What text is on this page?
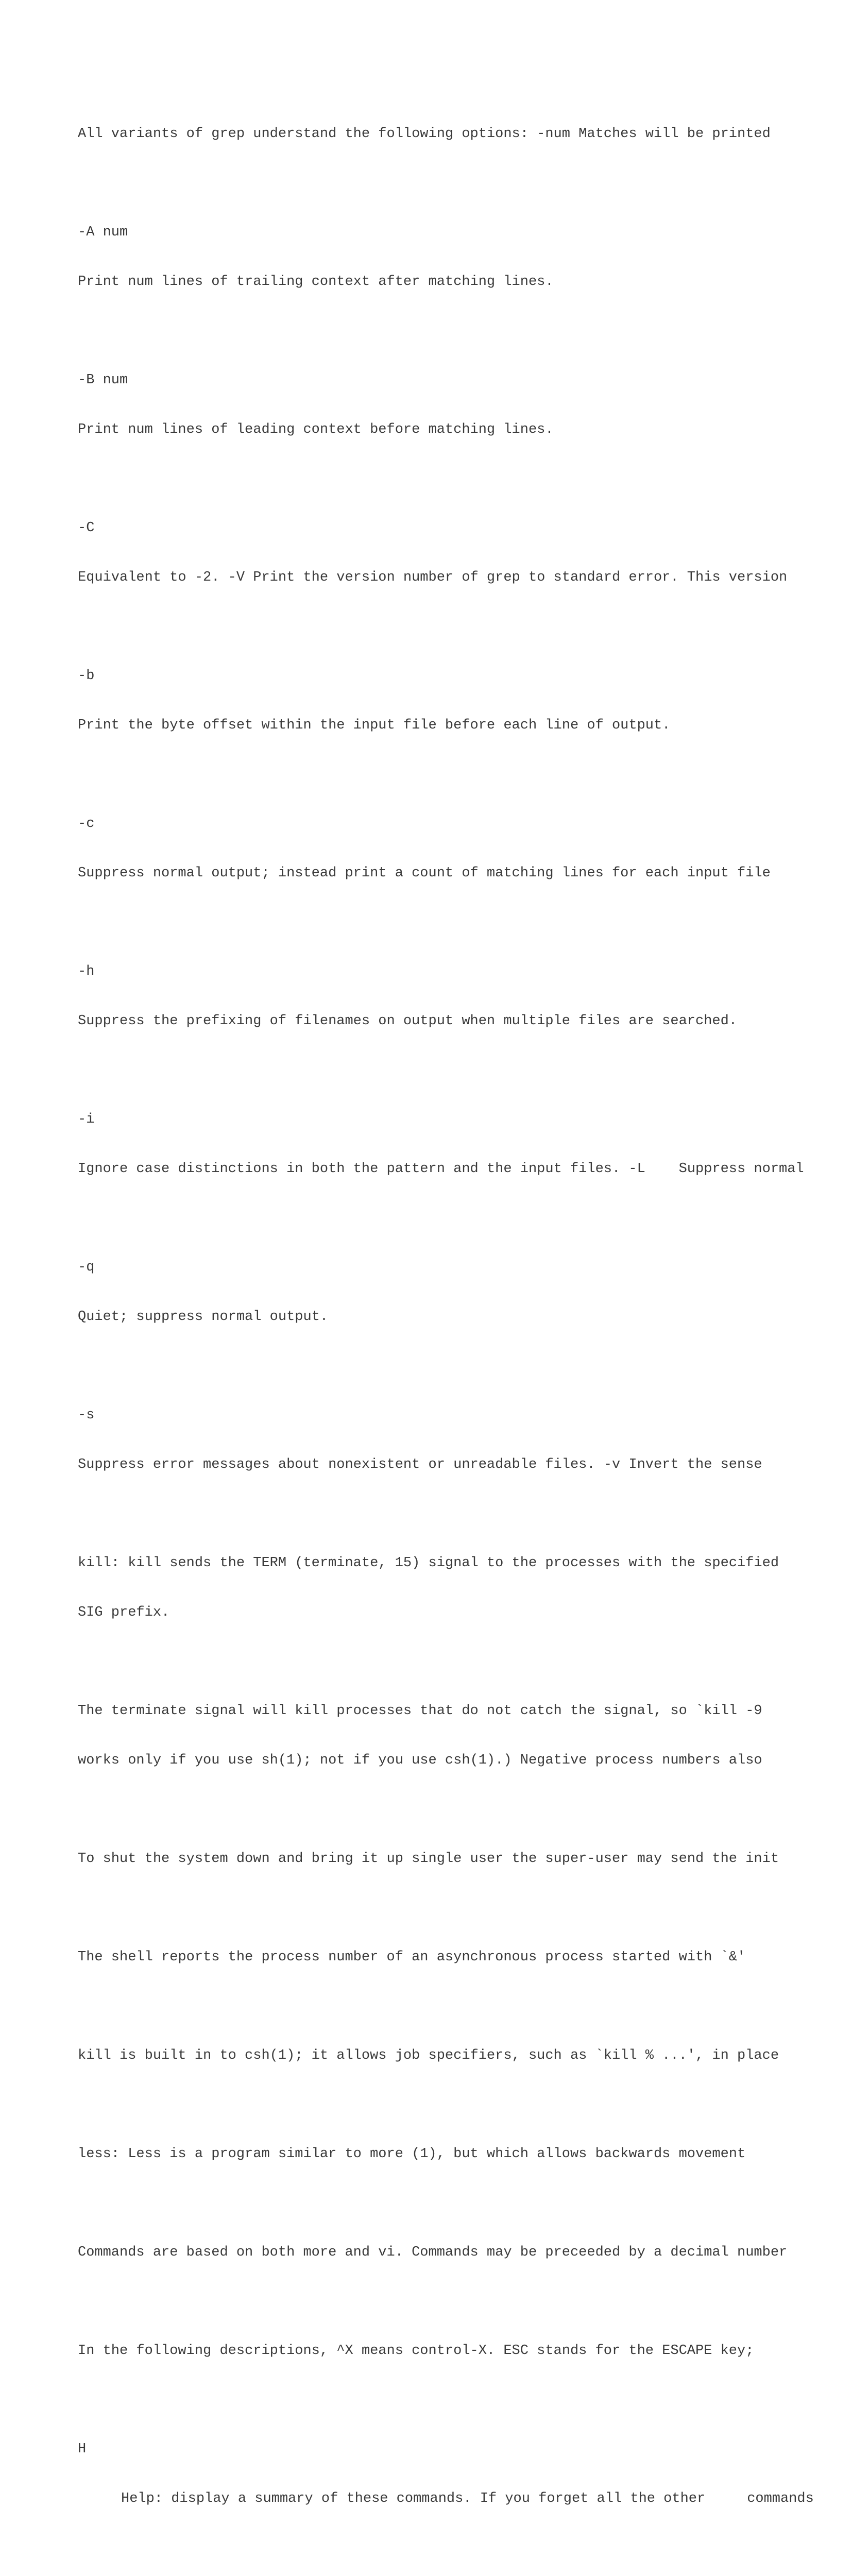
All variants of grep understand the following options: -num Matches will be printed

-A num

Print num lines of trailing context after matching lines.

-B num

Print num lines of leading context before matching lines.

-C

Equivalent to -2. -V Print the version number of grep to standard error. This version

-b

Print the byte offset within the input file before each line of output.

-c

Suppress normal output; instead print a count of matching lines for each input file

-h

Suppress the prefixing of filenames on output when multiple files are searched.

-i

Ignore case distinctions in both the pattern and the input files. -L    Suppress normal

-q

Quiet; suppress normal output.

-s

Suppress error messages about nonexistent or unreadable files. -v Invert the sense

kill: kill sends the TERM (terminate, 15) signal to the processes with the specified

SIG prefix.

The terminate signal will kill processes that do not catch the signal, so `kill -9

works only if you use sh(1); not if you use csh(1).) Negative process numbers also

To shut the system down and bring it up single user the super-user may send the init

The shell reports the process number of an asynchronous process started with `&'

kill is built in to csh(1); it allows job specifiers, such as `kill % ...', in place

less: Less is a program similar to more (1), but which allows backwards movement

Commands are based on both more and vi. Commands may be preceeded by a decimal number

In the following descriptions, ^X means control-X. ESC stands for the ESCAPE key;

H

Help: display a summary of these commands. If you forget all the other     commands
